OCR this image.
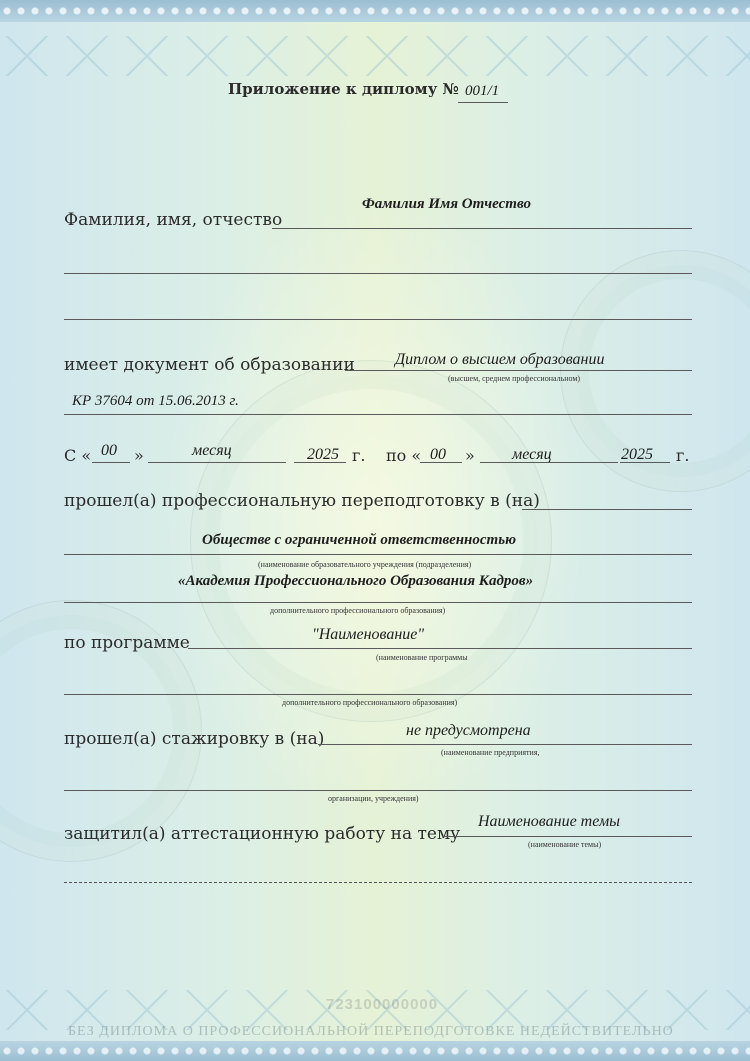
Приложение к диплому № 001/1
Фамилия Имя Отчество
Фамилия, имя, отчество
Диплом о высшем образовании
имеет документ об образовании
(высшем, среднем профессиональном)
КР 37604 от 15.06.2013 г.
С « 00 »	месяц	2025 г. по « 00 » месяц	2025 г.
прошел(а) профессиональную переподготовку в (на)
Обществе с ограниченной ответственностью
(наименование образовательного учреждения (подразделения)
«Академия Профессионального Образования Кадров»
дополнительного профессионального образования)
"Наименование"
по программе
(наименование программы
дополнительного профессионального образования)
не предусмотрена
прошел(а) стажировку в (на)
(наименование предприятия,
организации, учреждения)
Наименование темы
защитил(а) аттестационную работу на тему
(наименование темы)
723100000000
БЕЗ ДИПЛОМА О ПРОФЕССИОНАЛЬНОЙ ПЕРЕПОДГОТОВКЕ НЕДЕЙСТВИТЕЛЬНО
